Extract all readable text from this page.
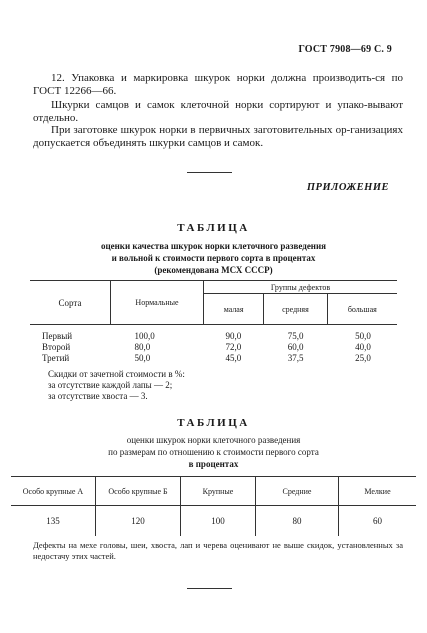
ГОСТ 7908—69 С. 9
12. Упаковка и маркировка шкурок норки должна производить-ся по ГОСТ 12266—66.
Шкурки самцов и самок клеточной норки сортируют и упако-вывают отдельно.
При заготовке шкурок норки в первичных заготовительных ор-ганизациях допускается объединять шкурки самцов и самок.
ПРИЛОЖЕНИЕ
ТАБЛИЦА
оценки качества шкурок норки клеточного разведения
и вольной к стоимости первого сорта в процентах
(рекомендована МСХ СССР)
Сорта	Нормальные	Группы дефектов		
		малая	средняя	большая
Первый	100,0	90,0	75,0	50,0
Второй	80,0	72,0	60,0	40,0
Третий	50,0	45,0	37,5	25,0
Скидки от зачетной стоимости в %:
за отсутствие каждой лапы — 2;
за отсутствие хвоста — 3.
ТАБЛИЦА
оценки шкурок норки клеточного разведения
по размерам по отношению к стоимости первого сорта
в процентах
Особо крупные А	Особо крупные Б	Крупные	Средние	Мелкие
135	120	100	80	60
Дефекты на мехе головы, шеи, хвоста, лап и черева оценивают не выше скидок, установленных за недостачу этих частей.
